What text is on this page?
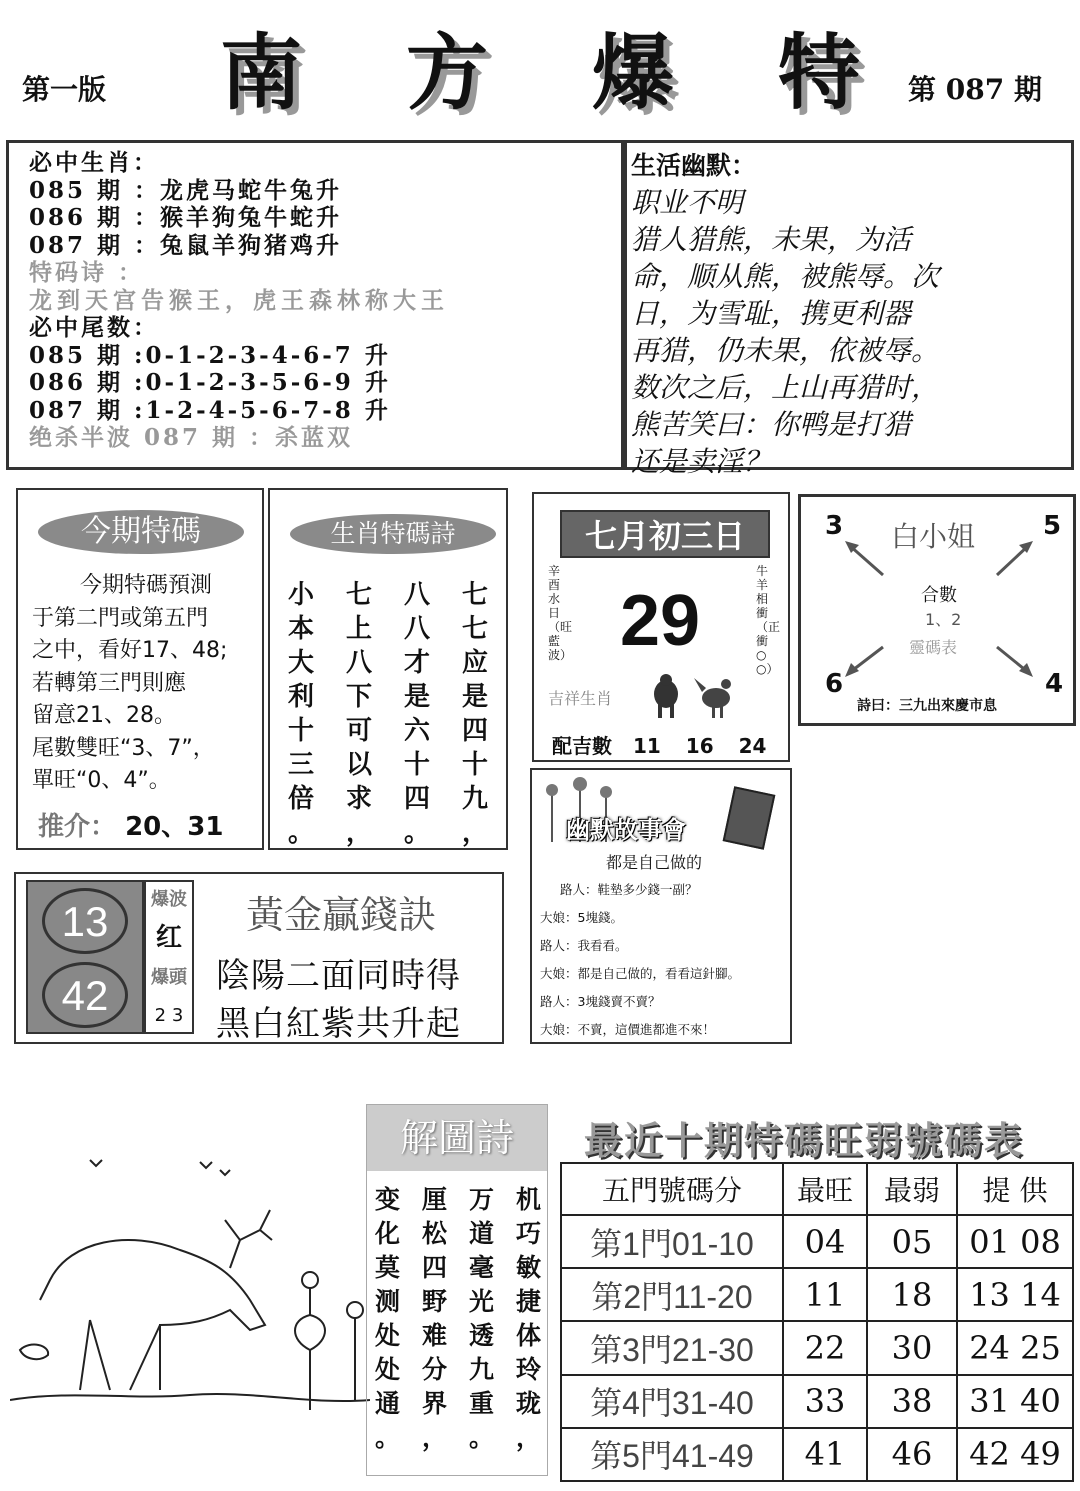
第一版 南 方 爆 特 第 087 期
必中生肖：
085 期 ：龙虎马蛇牛兔升
086 期 ：猴羊狗兔牛蛇升
087 期 ：兔鼠羊狗猪鸡升
特码诗 ：
龙到天宫告猴王，虎王森林称大王
必中尾数：
085 期 :0-1-2-3-4-6-7 升
086 期 :0-1-2-3-5-6-9 升
087 期 :1-2-4-5-6-7-8 升
绝杀半波 087 期 ：杀蓝双
生活幽默：
职业不明
猎人猎熊，未果，为活
命，顺从熊，被熊辱。次
日，为雪耻，携更利器
再猎，仍未果，依被辱。
数次之后，上山再猎时，
熊苦笑曰：你鸭是打猎
还是卖淫？
今期特碼
今期特碼預測
于第二門或第五門
之中，看好17、48;
若轉第三門則應
留意21、28。
尾數雙旺“3、7”，
單旺“0、4”。
推介： 20、31
生肖特碼詩
小
本
大
利
十
三
倍
。
七
上
八
下
可
以
求
，
八
八
才
是
六
十
四
。
七
七
应
是
四
十
九
，
七月初三日
辛酉水日（旺藍波）
牛羊相衝（正衝○○）
29
吉祥生肖
配吉數 11 16 24
白小姐
3	5
6	4
合數
1、2
靈碼表
詩曰：三九出來慶市息
13
42
爆波
红
爆頭
2 3
黃金贏錢訣
陰陽二面同時得
黑白紅紫共升起
幽默故事會
都是自己做的
路人：鞋墊多少錢一副？
大娘：5塊錢。
路人：我看看。
大娘：都是自己做的，看看這針腳。
路人：3塊錢賣不賣？
大娘：不賣，這價進都進不來！
解圖詩
变
化
莫
测
处
处
通
。
厘
松
四
野
难
分
界
，
万
道
毫
光
透
九
重
。
机
巧
敏
捷
体
玲
珑
，
最近十期特碼旺弱號碼表
五門號碼分	最旺	最弱	提 供
第1門01-10	04	05	01 08
第2門11-20	11	18	13 14
第3門21-30	22	30	24 25
第4門31-40	33	38	31 40
第5門41-49	41	46	42 49
